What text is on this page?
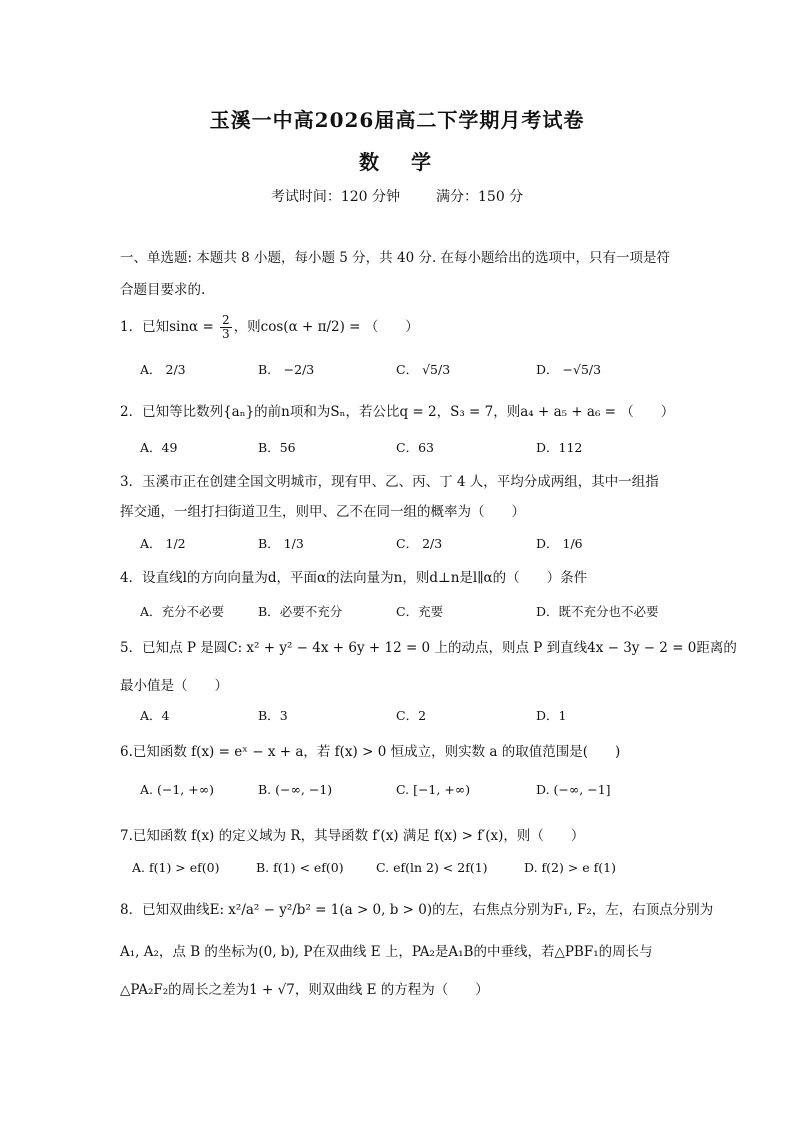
玉溪一中高2026届高二下学期月考试卷
数 学
考试时间：120 分钟	满分：150 分
一、单选题: 本题共 8 小题，每小题 5 分，共 40 分. 在每小题给出的选项中，只有一项是符
合题目要求的.
1．已知$\sin\alpha = \frac{2}{3}$ ，则cos(α + π/2) = （　　）
A． 2/3	B． −2/3	C． √5/3	D． −√5/3
2．已知等比数列{aₙ}的前n项和为Sₙ，若公比q = 2，S₃ = 7，则a₄ + a₅ + a₆ = （　　）
A．49	B．56	C．63	D．112
3．玉溪市正在创建全国文明城市，现有甲、乙、丙、丁 4 人，平均分成两组，其中一组指
挥交通，一组打扫街道卫生，则甲、乙不在同一组的概率为（　　）
A． 1/2	B． 1/3	C． 2/3	D． 1/6
4．设直线l的方向向量为d，平面α的法向量为n，则d⊥n是l∥α的（　　）条件
A．充分不必要	B．必要不充分	C．充要	D．既不充分也不必要
5．已知点 P 是圆C: x² + y² − 4x + 6y + 12 = 0 上的动点，则点 P 到直线4x − 3y − 2 = 0距离的
最小值是（　　）
A．4	B．3	C．2	D．1
6.已知函数 f(x) = eˣ − x + a，若 f(x) > 0 恒成立，则实数 a 的取值范围是(　　)
A. (−1, +∞)	B. (−∞, −1)	C. [−1, +∞)	D. (−∞, −1]
7.已知函数 f(x) 的定义域为 R，其导函数 f′(x) 满足 f(x) > f′(x)，则（　　）
A. f(1) > ef(0)	B. f(1) < ef(0)	C. ef(ln 2) < 2f(1)	D. f(2) > e f(1)
8．已知双曲线E: x²/a² − y²/b² = 1(a > 0, b > 0)的左，右焦点分别为F₁, F₂，左，右顶点分别为
A₁, A₂，点 B 的坐标为(0, b), P在双曲线 E 上，PA₂是A₁B的中垂线，若△PBF₁的周长与
△PA₂F₂的周长之差为1 + √7，则双曲线 E 的方程为（　　）
